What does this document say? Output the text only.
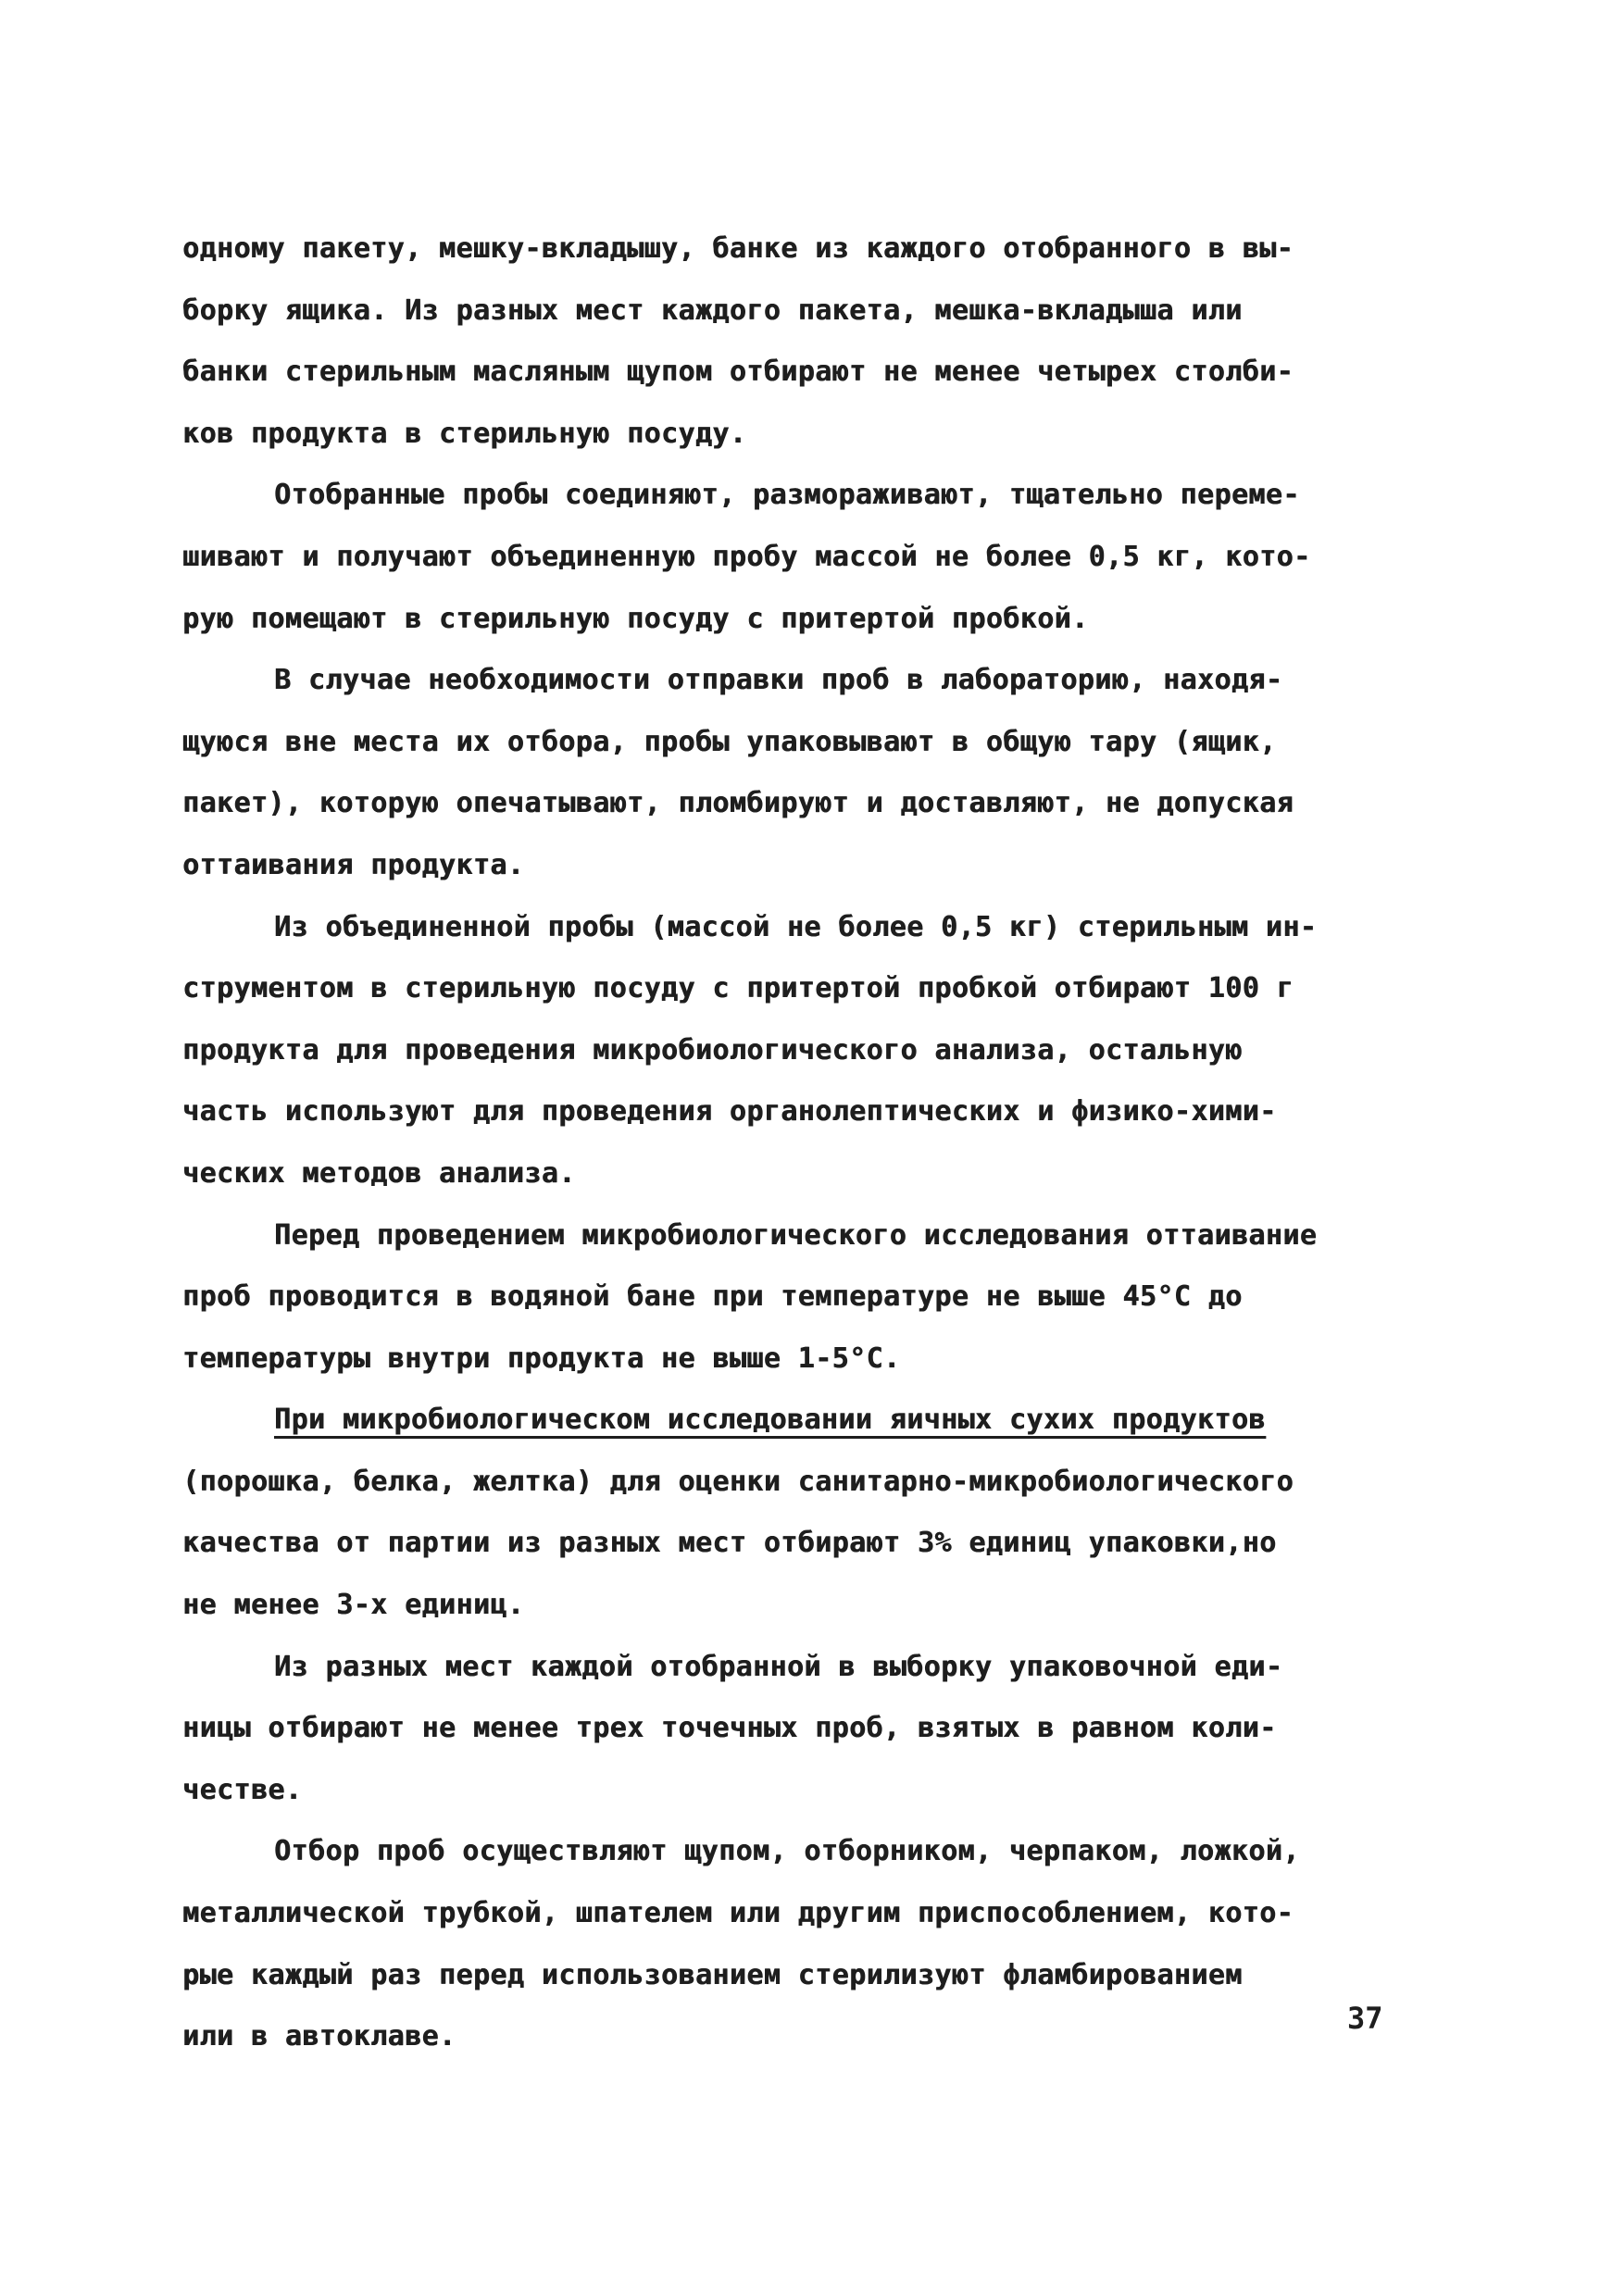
одному пакету, мешку-вкладышу, банке из каждого отобранного в вы-
борку ящика. Из разных мест каждого пакета, мешка-вкладыша или
банки стерильным масляным щупом отбирают не менее четырех столби-
ков продукта в стерильную посуду.
Отобранные пробы соединяют, размораживают, тщательно переме-
шивают и получают объединенную пробу массой не более 0,5 кг, кото-
рую помещают в стерильную посуду с притертой пробкой.
В случае необходимости отправки проб в лабораторию, находя-
щуюся вне места их отбора, пробы упаковывают в общую тару (ящик,
пакет), которую опечатывают, пломбируют и доставляют, не допуская
оттаивания продукта.
Из объединенной пробы (массой не более 0,5 кг) стерильным ин-
струментом в стерильную посуду с притертой пробкой отбирают 100 г
продукта для проведения микробиологического анализа, остальную
часть используют для проведения органолептических и физико-хими-
ческих методов анализа.
Перед проведением микробиологического исследования оттаивание
проб проводится в водяной бане при температуре не выше 45°С до
температуры внутри продукта не выше 1-5°С.
При микробиологическом исследовании яичных сухих продуктов
(порошка, белка, желтка) для оценки санитарно-микробиологического
качества от партии из разных мест отбирают 3% единиц упаковки,но
не менее 3-х единиц.
Из разных мест каждой отобранной в выборку упаковочной еди-
ницы отбирают не менее трех точечных проб, взятых в равном коли-
честве.
Отбор проб осуществляют щупом, отборником, черпаком, ложкой,
металлической трубкой, шпателем или другим приспособлением, кото-
рые каждый раз перед использованием стерилизуют фламбированием
или в автоклаве.
37
